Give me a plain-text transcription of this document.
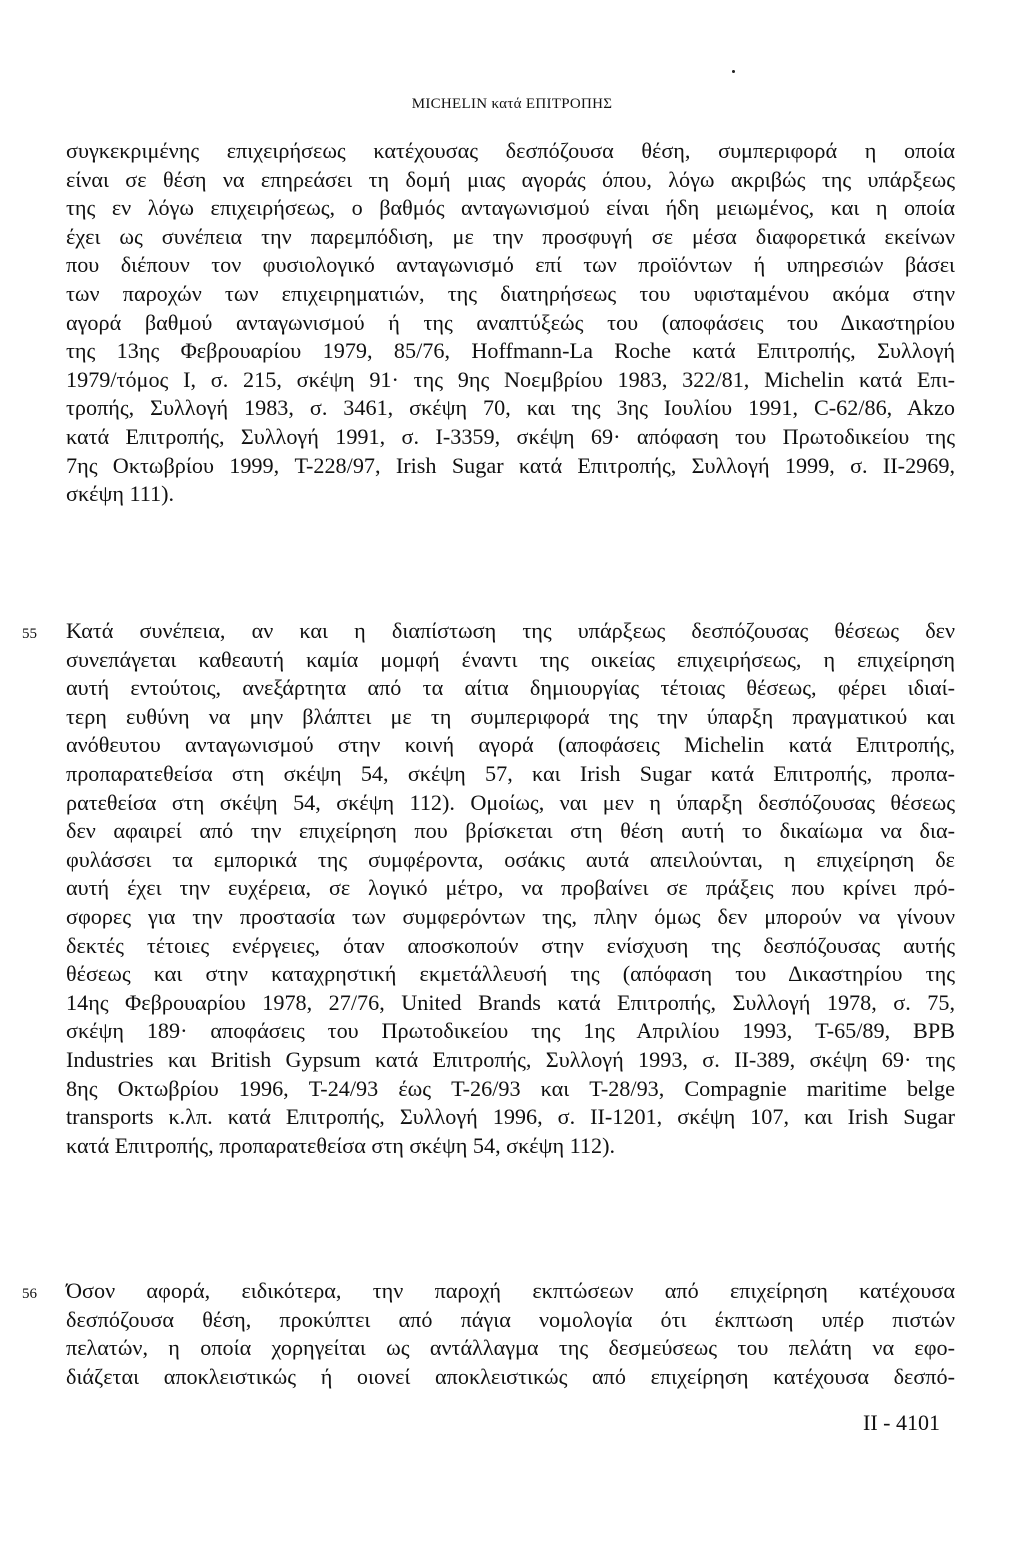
MICHELIN κατά ΕΠΙΤΡΟΠΗΣ
συγκεκριμένης επιχειρήσεως κατέχουσας δεσπόζουσα θέση, συμπεριφορά η οποία
είναι σε θέση να επηρεάσει τη δομή μιας αγοράς όπου, λόγω ακριβώς της υπάρξεως
της εν λόγω επιχειρήσεως, ο βαθμός ανταγωνισμού είναι ήδη μειωμένος, και η οποία
έχει ως συνέπεια την παρεμπόδιση, με την προσφυγή σε μέσα διαφορετικά εκείνων
που διέπουν τον φυσιολογικό ανταγωνισμό επί των προϊόντων ή υπηρεσιών βάσει
των παροχών των επιχειρηματιών, της διατηρήσεως του υφισταμένου ακόμα στην
αγορά βαθμού ανταγωνισμού ή της αναπτύξεώς του (αποφάσεις του Δικαστηρίου
της 13ης Φεβρουαρίου 1979, 85/76, Hoffmann-La Roche κατά Επιτροπής, Συλλογή
1979/τόμος I, σ. 215, σκέψη 91· της 9ης Νοεμβρίου 1983, 322/81, Michelin κατά Επι-
τροπής, Συλλογή 1983, σ. 3461, σκέψη 70, και της 3ης Ιουλίου 1991, C-62/86, Akzo
κατά Επιτροπής, Συλλογή 1991, σ. I-3359, σκέψη 69· απόφαση του Πρωτοδικείου της
7ης Οκτωβρίου 1999, T-228/97, Irish Sugar κατά Επιτροπής, Συλλογή 1999, σ. II-2969,
σκέψη 111).
55 Κατά συνέπεια, αν και η διαπίστωση της υπάρξεως δεσπόζουσας θέσεως δεν
συνεπάγεται καθεαυτή καμία μομφή έναντι της οικείας επιχειρήσεως, η επιχείρηση
αυτή εντούτοις, ανεξάρτητα από τα αίτια δημιουργίας τέτοιας θέσεως, φέρει ιδιαί-
τερη ευθύνη να μην βλάπτει με τη συμπεριφορά της την ύπαρξη πραγματικού και
ανόθευτου ανταγωνισμού στην κοινή αγορά (αποφάσεις Michelin κατά Επιτροπής,
προπαρατεθείσα στη σκέψη 54, σκέψη 57, και Irish Sugar κατά Επιτροπής, προπα-
ρατεθείσα στη σκέψη 54, σκέψη 112). Ομοίως, ναι μεν η ύπαρξη δεσπόζουσας θέσεως
δεν αφαιρεί από την επιχείρηση που βρίσκεται στη θέση αυτή το δικαίωμα να δια-
φυλάσσει τα εμπορικά της συμφέροντα, οσάκις αυτά απειλούνται, η επιχείρηση δε
αυτή έχει την ευχέρεια, σε λογικό μέτρο, να προβαίνει σε πράξεις που κρίνει πρό-
σφορες για την προστασία των συμφερόντων της, πλην όμως δεν μπορούν να γίνουν
δεκτές τέτοιες ενέργειες, όταν αποσκοπούν στην ενίσχυση της δεσπόζουσας αυτής
θέσεως και στην καταχρηστική εκμετάλλευσή της (απόφαση του Δικαστηρίου της
14ης Φεβρουαρίου 1978, 27/76, United Brands κατά Επιτροπής, Συλλογή 1978, σ. 75,
σκέψη 189· αποφάσεις του Πρωτοδικείου της 1ης Απριλίου 1993, T-65/89, BPB
Industries και British Gypsum κατά Επιτροπής, Συλλογή 1993, σ. II-389, σκέψη 69· της
8ης Οκτωβρίου 1996, T-24/93 έως T-26/93 και T-28/93, Compagnie maritime belge
transports κ.λπ. κατά Επιτροπής, Συλλογή 1996, σ. II-1201, σκέψη 107, και Irish Sugar
κατά Επιτροπής, προπαρατεθείσα στη σκέψη 54, σκέψη 112).
56 Όσον αφορά, ειδικότερα, την παροχή εκπτώσεων από επιχείρηση κατέχουσα
δεσπόζουσα θέση, προκύπτει από πάγια νομολογία ότι έκπτωση υπέρ πιστών
πελατών, η οποία χορηγείται ως αντάλλαγμα της δεσμεύσεως του πελάτη να εφο-
διάζεται αποκλειστικώς ή οιονεί αποκλειστικώς από επιχείρηση κατέχουσα δεσπό-
II - 4101
